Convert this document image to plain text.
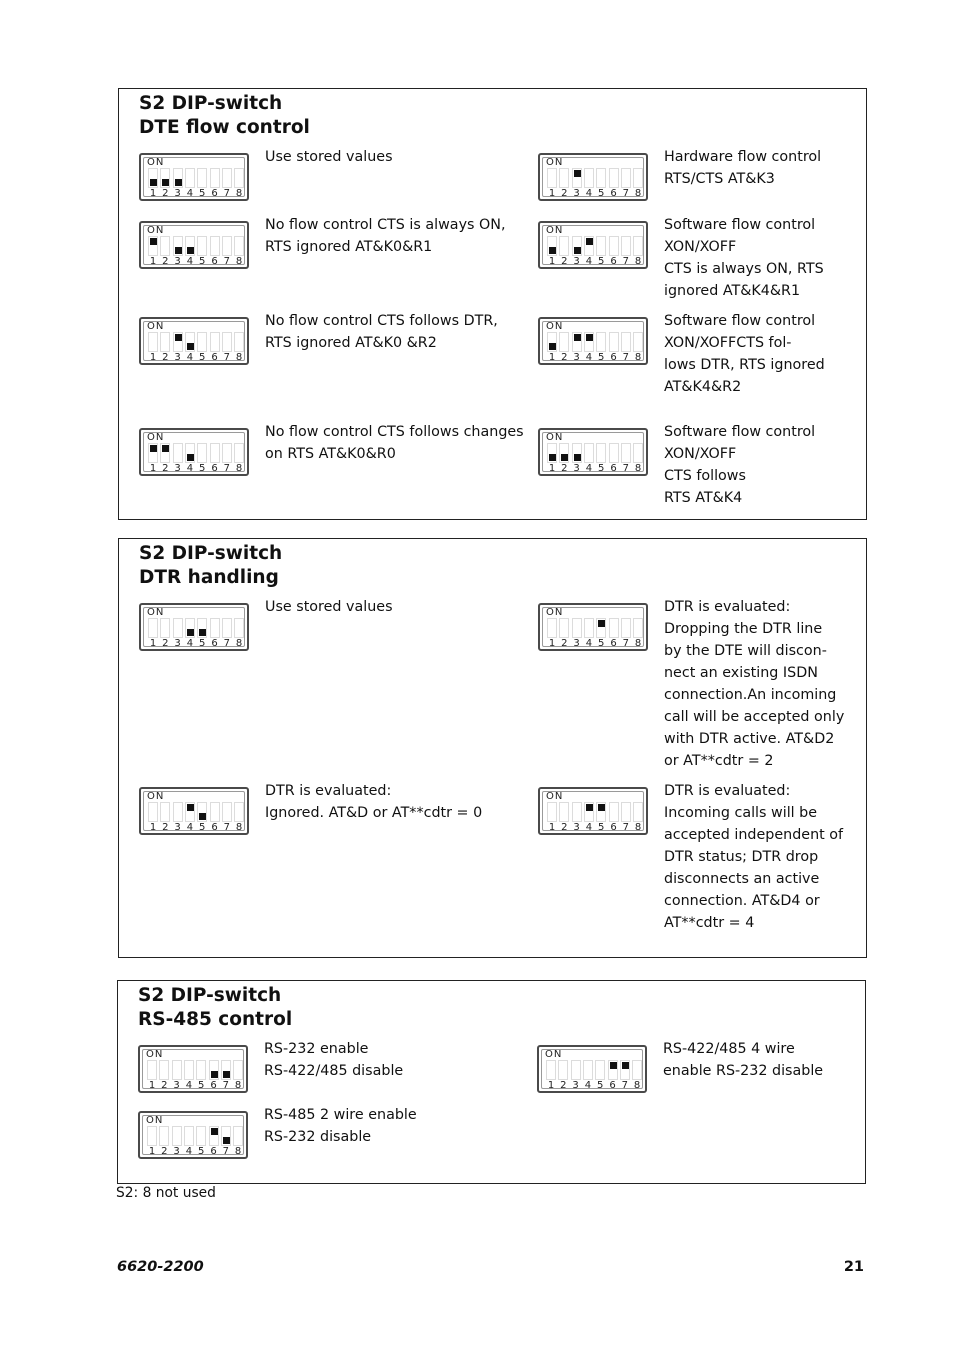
S2 DIP-switch
DTE flow control
ON
1 2 3 4 5 6 7 8
Use stored values	ON
1 2 3 4 5 6 7 8
Hardware flow control
RTS/CTS AT&K3
ON
1 2 3 4 5 6 7 8
No flow control CTS is always ON,
RTS ignored AT&K0&R1
ON
1 2 3 4 5 6 7 8
Software flow control
XON/XOFF
CTS is always ON, RTS
ignored AT&K4&R1
ON
1 2 3 4 5 6 7 8
No flow control CTS follows DTR,
RTS ignored AT&K0 &R2
ON
1 2 3 4 5 6 7 8
Software flow control
XON/XOFFCTS fol-
lows DTR, RTS ignored
AT&K4&R2
ON
1 2 3 4 5 6 7 8
No flow control CTS follows changes
on RTS AT&K0&R0
ON
1 2 3 4 5 6 7 8
Software flow control
XON/XOFF
CTS follows
RTS AT&K4
S2 DIP-switch
DTR handling
ON
1 2 3 4 5 6 7 8
Use stored values	ON
1 2 3 4 5 6 7 8
DTR is evaluated:
Dropping the DTR line
by the DTE will discon-
nect an existing ISDN
connection.An incoming
call will be accepted only
with DTR active. AT&D2
or AT**cdtr = 2
ON
1 2 3 4 5 6 7 8
DTR is evaluated:
Ignored. AT&D or AT**cdtr = 0
ON
1 2 3 4 5 6 7 8
DTR is evaluated:
Incoming calls will be
accepted independent of
DTR status; DTR drop
disconnects an active
connection. AT&D4 or
AT**cdtr = 4
S2 DIP-switch
RS-485 control
ON
1 2 3 4 5 6 7 8
RS-232 enable
RS-422/485 disable
ON
1 2 3 4 5 6 7 8
RS-422/485 4 wire
enable RS-232 disable
ON
1 2 3 4 5 6 7 8
RS-485 2 wire enable
RS-232 disable
S2: 8 not used
6620-2200	21
